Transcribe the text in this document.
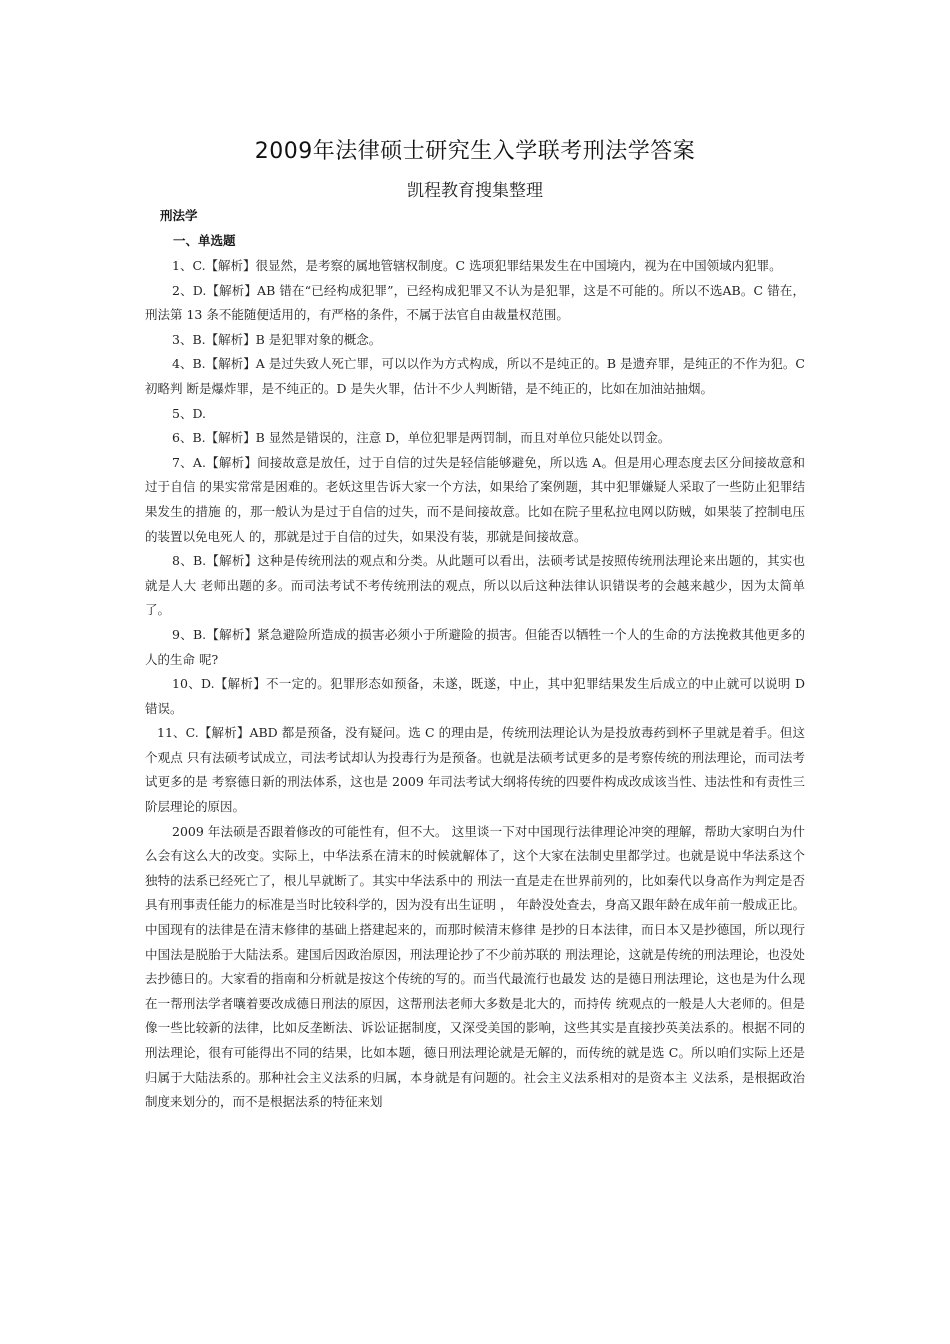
2009年法律硕士研究生入学联考刑法学答案
凯程教育搜集整理
刑法学
一、单选题

1、C.【解析】很显然，是考察的属地管辖权制度。C 选项犯罪结果发生在中国境内，视为在中国领域内犯罪。

2、D.【解析】AB 错在“已经构成犯罪”，已经构成犯罪又不认为是犯罪，这是不可能的。所以不选AB。C 错在，刑法第 13 条不能随便适用的，有严格的条件，不属于法官自由裁量权范围。

3、B.【解析】B 是犯罪对象的概念。

4、B.【解析】A 是过失致人死亡罪，可以以作为方式构成，所以不是纯正的。B 是遗弃罪，是纯正的不作为犯。C 初略判 断是爆炸罪，是不纯正的。D 是失火罪，估计不少人判断错，是不纯正的，比如在加油站抽烟。

5、D.

6、B.【解析】B 显然是错误的，注意 D，单位犯罪是两罚制，而且对单位只能处以罚金。

7、A.【解析】间接故意是放任，过于自信的过失是轻信能够避免，所以选 A。但是用心理态度去区分间接故意和过于自信 的果实常常是困难的。老妖这里告诉大家一个方法，如果给了案例题，其中犯罪嫌疑人采取了一些防止犯罪结果发生的措施 的，那一般认为是过于自信的过失，而不是间接故意。比如在院子里私拉电网以防贼，如果装了控制电压的装置以免电死人 的，那就是过于自信的过失，如果没有装，那就是间接故意。

8、B.【解析】这种是传统刑法的观点和分类。从此题可以看出，法硕考试是按照传统刑法理论来出题的，其实也就是人大 老师出题的多。而司法考试不考传统刑法的观点，所以以后这种法律认识错误考的会越来越少，因为太简单了。

9、B.【解析】紧急避险所造成的损害必须小于所避险的损害。但能否以牺牲一个人的生命的方法挽救其他更多的人的生命 呢?

10、D.【解析】不一定的。犯罪形态如预备，未遂，既遂，中止，其中犯罪结果发生后成立的中止就可以说明 D 错误。

11、C.【解析】ABD 都是预备，没有疑问。选 C 的理由是，传统刑法理论认为是投放毒药到杯子里就是着手。但这个观点 只有法硕考试成立，司法考试却认为投毒行为是预备。也就是法硕考试更多的是考察传统的刑法理论，而司法考试更多的是 考察德日新的刑法体系，这也是 2009 年司法考试大纲将传统的四要件构成改成该当性、违法性和有责性三阶层理论的原因。

2009 年法硕是否跟着修改的可能性有，但不大。 这里谈一下对中国现行法律理论冲突的理解，帮助大家明白为什么会有这么大的改变。实际上，中华法系在清末的时候就解体了，这个大家在法制史里都学过。也就是说中华法系这个独特的法系已经死亡了，根儿早就断了。其实中华法系中的 刑法一直是走在世界前列的，比如秦代以身高作为判定是否具有刑事责任能力的标准是当时比较科学的，因为没有出生证明 ， 年龄没处查去，身高又跟年龄在成年前一般成正比。中国现有的法律是在清末修律的基础上搭建起来的，而那时候清末修律 是抄的日本法律，而日本又是抄德国，所以现行中国法是脱胎于大陆法系。建国后因政治原因，刑法理论抄了不少前苏联的 刑法理论，这就是传统的刑法理论，也没处去抄德日的。大家看的指南和分析就是按这个传统的写的。而当代最流行也最发 达的是德日刑法理论，这也是为什么现在一帮刑法学者嚷着要改成德日刑法的原因，这帮刑法老师大多数是北大的，而持传 统观点的一般是人大老师的。但是像一些比较新的法律，比如反垄断法、诉讼证据制度，又深受美国的影响，这些其实是直接抄英美法系的。根据不同的刑法理论，很有可能得出不同的结果，比如本题，德日刑法理论就是无解的，而传统的就是选 C。所以咱们实际上还是归属于大陆法系的。那种社会主义法系的归属，本身就是有问题的。社会主义法系相对的是资本主 义法系，是根据政治制度来划分的，而不是根据法系的特征来划
